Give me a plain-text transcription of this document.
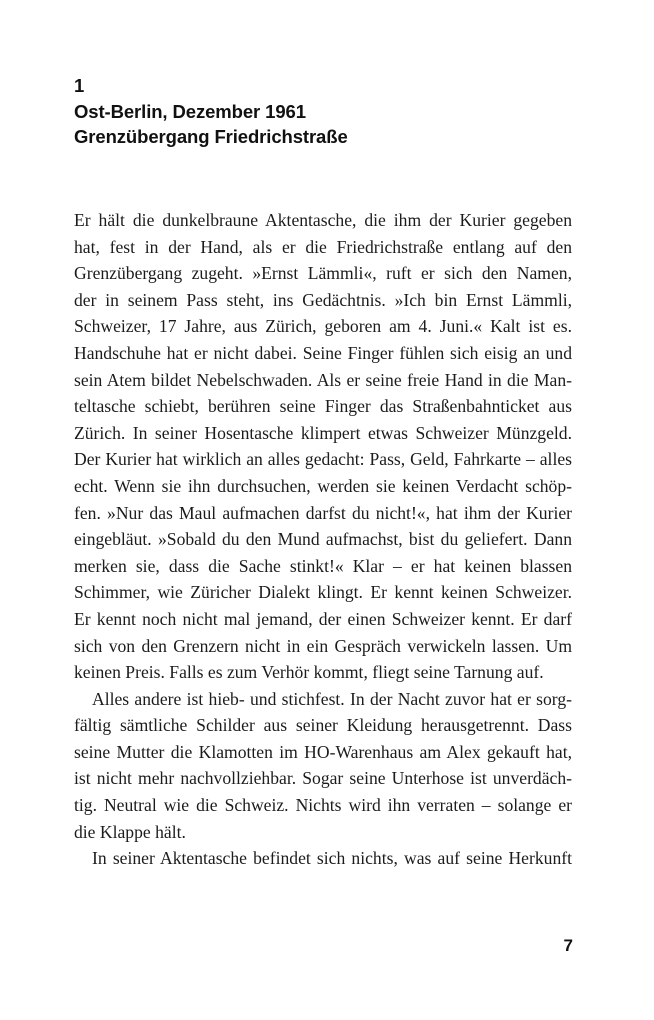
1
Ost-Berlin, Dezember 1961
Grenzübergang Friedrichstraße
Er hält die dunkelbraune Aktentasche, die ihm der Kurier gegeben
hat, fest in der Hand, als er die Friedrichstraße entlang auf den
Grenzübergang zugeht. »Ernst Lämmli«, ruft er sich den Namen,
der in seinem Pass steht, ins Gedächtnis. »Ich bin Ernst Lämmli,
Schweizer, 17 Jahre, aus Zürich, geboren am 4. Juni.« Kalt ist es.
Handschuhe hat er nicht dabei. Seine Finger fühlen sich eisig an und
sein Atem bildet Nebelschwaden. Als er seine freie Hand in die Man-
teltasche schiebt, berühren seine Finger das Straßenbahnticket aus
Zürich. In seiner Hosentasche klimpert etwas Schweizer Münzgeld.
Der Kurier hat wirklich an alles gedacht: Pass, Geld, Fahrkarte – alles
echt. Wenn sie ihn durchsuchen, werden sie keinen Verdacht schöp-
fen. »Nur das Maul aufmachen darfst du nicht!«, hat ihm der Kurier
eingebläut. »Sobald du den Mund aufmachst, bist du geliefert. Dann
merken sie, dass die Sache stinkt!« Klar – er hat keinen blassen
Schimmer, wie Züricher Dialekt klingt. Er kennt keinen Schweizer.
Er kennt noch nicht mal jemand, der einen Schweizer kennt. Er darf
sich von den Grenzern nicht in ein Gespräch verwickeln lassen. Um
keinen Preis. Falls es zum Verhör kommt, fliegt seine Tarnung auf.
Alles andere ist hieb- und stichfest. In der Nacht zuvor hat er sorg-
fältig sämtliche Schilder aus seiner Kleidung herausgetrennt. Dass
seine Mutter die Klamotten im HO-Warenhaus am Alex gekauft hat,
ist nicht mehr nachvollziehbar. Sogar seine Unterhose ist unverdäch-
tig. Neutral wie die Schweiz. Nichts wird ihn verraten – solange er
die Klappe hält.
In seiner Aktentasche befindet sich nichts, was auf seine Herkunft
7
